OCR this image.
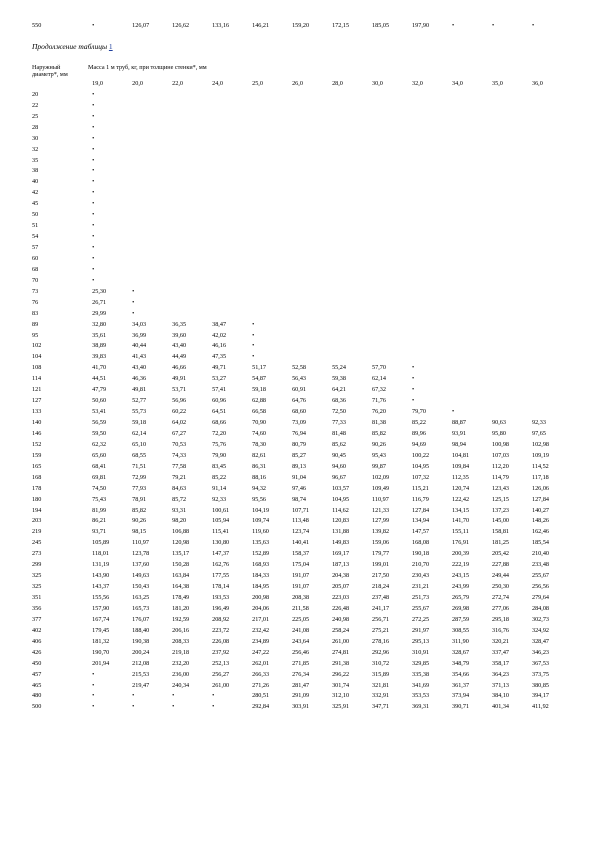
550	•	126,07	126,62	133,16	146,21	159,20	172,15	185,05	197,90	•	•	•
Продолжение таблицы 1
Наружный
диаметр*, мм
Масса 1 м труб, кг, при толщине стенки*, мм
	19,0	20,0	22,0	24,0	25,0	26,0	28,0	30,0	32,0	34,0	35,0	36,0
20	•											
22	•											
25	•											
28	•											
30	•											
32	•											
35	•											
38	•											
40	•											
42	•											
45	•											
50	•											
51	•											
54	•											
57	•											
60	•											
68	•											
70	•											
73	25,30	•										
76	26,71	•										
83	29,99	•										
89	32,80	34,03	36,35	38,47	•							
95	35,61	36,99	39,60	42,02	•							
102	38,89	40,44	43,40	46,16	•							
104	39,83	41,43	44,49	47,35	•							
108	41,70	43,40	46,66	49,71	51,17	52,58	55,24	57,70	•			
114	44,51	46,36	49,91	53,27	54,87	56,43	59,38	62,14	•			
121	47,79	49,81	53,71	57,41	59,18	60,91	64,21	67,32	•			
127	50,60	52,77	56,96	60,96	62,88	64,76	68,36	71,76	•			
133	53,41	55,73	60,22	64,51	66,58	68,60	72,50	76,20	79,70	•		
140	56,59	59,18	64,02	68,66	70,90	73,09	77,33	81,38	85,22	88,87	90,63	92,33
146	59,50	62,14	67,27	72,20	74,60	76,94	81,48	85,82	89,96	93,91	95,80	97,65
152	62,32	65,10	70,53	75,76	78,30	80,79	85,62	90,26	94,69	98,94	100,98	102,98
159	65,60	68,55	74,33	79,90	82,61	85,27	90,45	95,43	100,22	104,81	107,03	109,19
165	68,41	71,51	77,58	83,45	86,31	89,13	94,60	99,87	104,95	109,84	112,20	114,52
168	69,81	72,99	79,21	85,22	88,16	91,04	96,67	102,09	107,32	112,35	114,79	117,18
178	74,50	77,93	84,63	91,14	94,32	97,46	103,57	109,49	115,21	120,74	123,43	126,06
180	75,43	78,91	85,72	92,33	95,56	98,74	104,95	110,97	116,79	122,42	125,15	127,84
194	81,99	85,82	93,31	100,61	104,19	107,71	114,62	121,33	127,84	134,15	137,23	140,27
203	86,21	90,26	98,20	105,94	109,74	113,48	120,83	127,99	134,94	141,70	145,00	148,26
219	93,71	98,15	106,88	115,41	119,60	123,74	131,88	139,82	147,57	155,11	158,81	162,46
245	105,89	110,97	120,98	130,80	135,63	140,41	149,83	159,06	168,08	176,91	181,25	185,54
273	118,01	123,78	135,17	147,37	152,89	158,37	169,17	179,77	190,18	200,39	205,42	210,40
299	131,19	137,60	150,28	162,76	168,93	175,04	187,13	199,01	210,70	222,19	227,88	233,48
325	143,90	149,63	163,84	177,55	184,33	191,07	204,38	217,50	230,43	243,15	249,44	255,67
325	143,37	150,43	164,38	178,14	184,95	191,07	205,07	218,24	231,21	243,99	250,30	256,56
351	155,56	163,25	178,49	193,53	200,98	208,38	223,03	237,48	251,73	265,79	272,74	279,64
356	157,90	165,73	181,20	196,49	204,06	211,58	226,48	241,17	255,67	269,98	277,06	284,08
377	167,74	176,07	192,59	208,92	217,01	225,05	240,98	256,71	272,25	287,59	295,18	302,73
402	179,45	188,40	206,16	223,72	232,42	241,08	258,24	275,21	291,97	308,55	316,76	324,92
406	181,32	190,38	208,33	226,08	234,89	243,64	261,00	278,16	295,13	311,90	320,21	328,47
426	190,70	200,24	219,18	237,92	247,22	256,46	274,81	292,96	310,91	328,67	337,47	346,23
450	201,94	212,08	232,20	252,13	262,01	271,85	291,38	310,72	329,85	348,79	358,17	367,53
457	•	215,53	236,00	256,27	266,33	276,34	296,22	315,89	335,38	354,66	364,23	373,75
465	•	219,47	240,34	261,00	271,26	281,47	301,74	321,81	341,69	361,37	371,13	380,85
480	•	•	•	•	280,51	291,09	312,10	332,91	353,53	373,94	384,10	394,17
500	•	•	•	•	292,84	303,91	325,91	347,71	369,31	390,71	401,34	411,92
